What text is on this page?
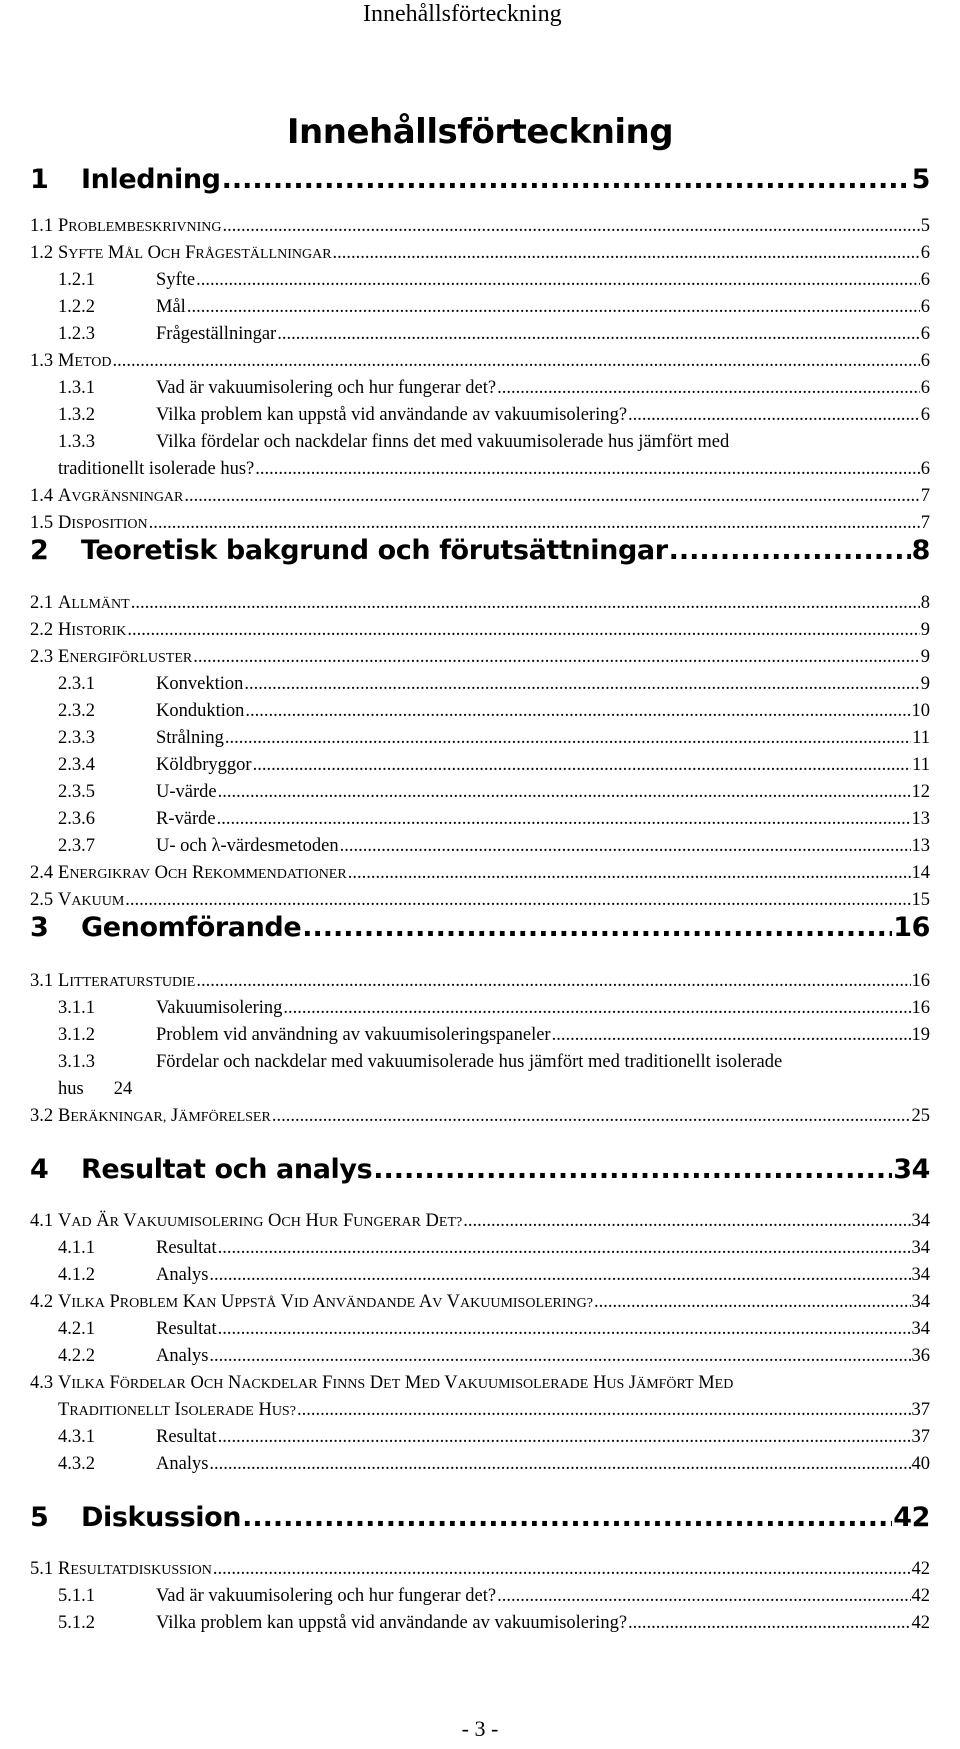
Innehållsförteckning
Innehållsförteckning
1	Inledning .....	5
1.1 PROBLEMBESKRIVNING .....	5
1.2 SYFTE MÅL OCH FRÅGESTÄLLNINGAR .....	6
1.2.1	Syfte .....	6
1.2.2	Mål .....	6
1.2.3	Frågeställningar .....	6
1.3 METOD .....	6
1.3.1	Vad är vakuumisolering och hur fungerar det? .....	6
1.3.2	Vilka problem kan uppstå vid användande av vakuumisolering? .....	6
1.3.3	Vilka fördelar och nackdelar finns det med vakuumisolerade hus jämfört med
traditionellt isolerade hus? .....	6
1.4 AVGRÄNSNINGAR .....	7
1.5 DISPOSITION .....	7
2	Teoretisk bakgrund och förutsättningar .....	8
2.1 ALLMÄNT .....	8
2.2 HISTORIK .....	9
2.3 ENERGIFÖRLUSTER .....	9
2.3.1	Konvektion .....	9
2.3.2	Konduktion .....	10
2.3.3	Strålning .....	11
2.3.4	Köldbryggor .....	11
2.3.5	U-värde .....	12
2.3.6	R-värde .....	13
2.3.7	U- och λ-värdesmetoden .....	13
2.4 ENERGIKRAV OCH REKOMMENDATIONER .....	14
2.5 VAKUUM .....	15
3	Genomförande .....	16
3.1 LITTERATURSTUDIE .....	16
3.1.1	Vakuumisolering .....	16
3.1.2	Problem vid användning av vakuumisoleringspaneler .....	19
3.1.3	Fördelar och nackdelar med vakuumisolerade hus jämfört med traditionellt isolerade
hus 24
3.2 BERÄKNINGAR, JÄMFÖRELSER .....	25
4	Resultat och analys .....	34
4.1 VAD ÄR VAKUUMISOLERING OCH HUR FUNGERAR DET? .....	34
4.1.1	Resultat .....	34
4.1.2	Analys .....	34
4.2 VILKA PROBLEM KAN UPPSTÅ VID ANVÄNDANDE AV VAKUUMISOLERING? .....	34
4.2.1	Resultat .....	34
4.2.2	Analys .....	36
4.3 VILKA FÖRDELAR OCH NACKDELAR FINNS DET MED VAKUUMISOLERADE HUS JÄMFÖRT MED
TRADITIONELLT ISOLERADE HUS? .....	37
4.3.1	Resultat .....	37
4.3.2	Analys .....	40
5	Diskussion .....	42
5.1 RESULTATDISKUSSION .....	42
5.1.1	Vad är vakuumisolering och hur fungerar det? .....	42
5.1.2	Vilka problem kan uppstå vid användande av vakuumisolering? .....	42
- 3 -
